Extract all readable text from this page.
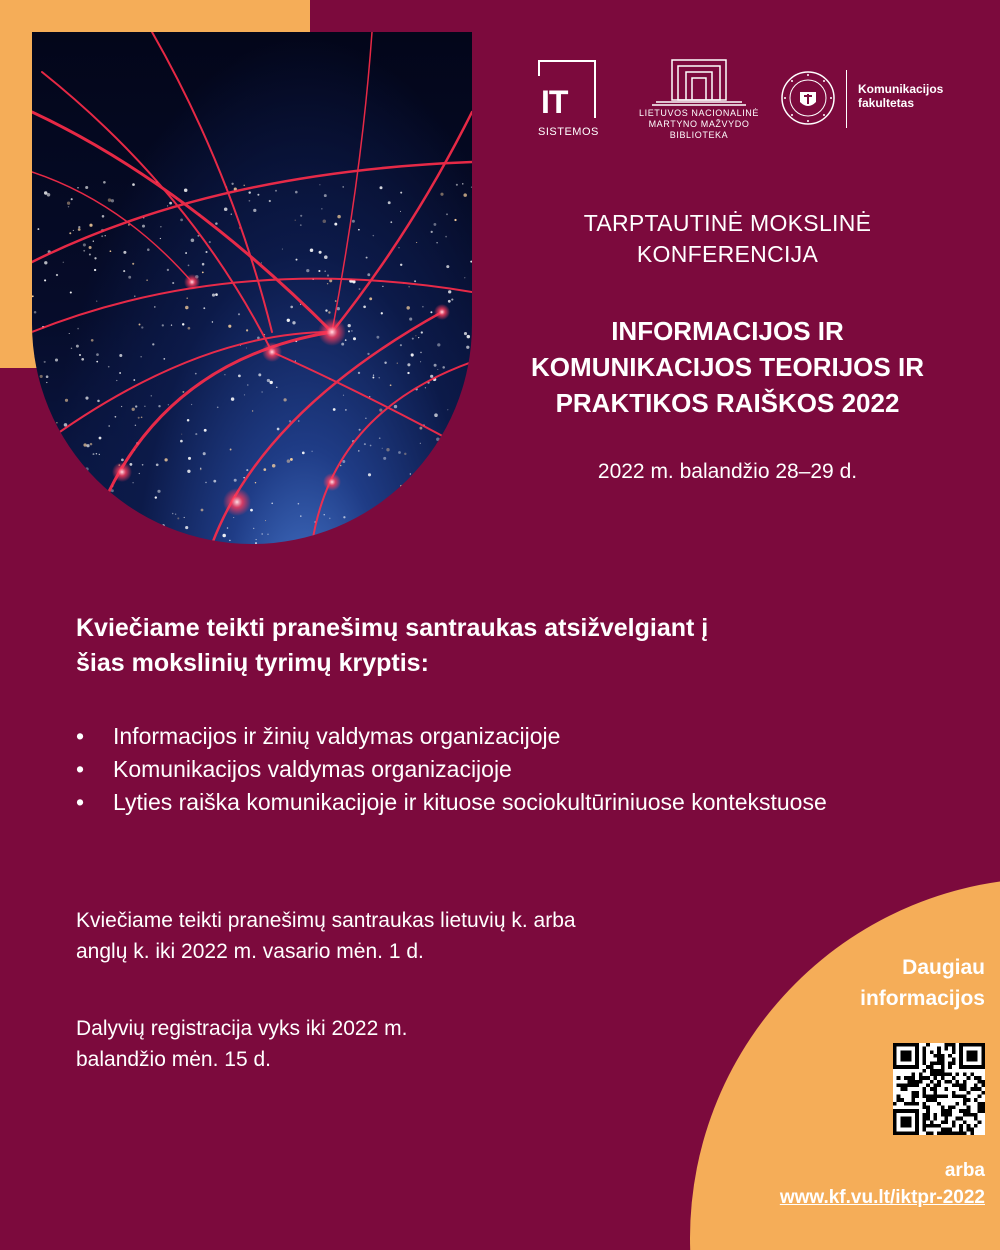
IT
SISTEMOS
LIETUVOS NACIONALINĖ
MARTYNO MAŽVYDO
BIBLIOTEKA
Komunikacijos
fakultetas
TARPTAUTINĖ MOKSLINĖ
KONFERENCIJA
INFORMACIJOS IR
KOMUNIKACIJOS TEORIJOS IR
PRAKTIKOS RAIŠKOS 2022
2022 m. balandžio 28–29 d.
Kviečiame teikti pranešimų santraukas atsižvelgiant į
šias mokslinių tyrimų kryptis:
• Informacijos ir žinių valdymas organizacijoje
• Komunikacijos valdymas organizacijoje
• Lyties raiška komunikacijoje ir kituose sociokultūriniuose kontekstuose
Kviečiame teikti pranešimų santraukas lietuvių k. arba
anglų k. iki 2022 m. vasario mėn. 1 d.
Dalyvių registracija vyks iki 2022 m.
balandžio mėn. 15 d.
Daugiau
informacijos
arba
www.kf.vu.lt/iktpr-2022
